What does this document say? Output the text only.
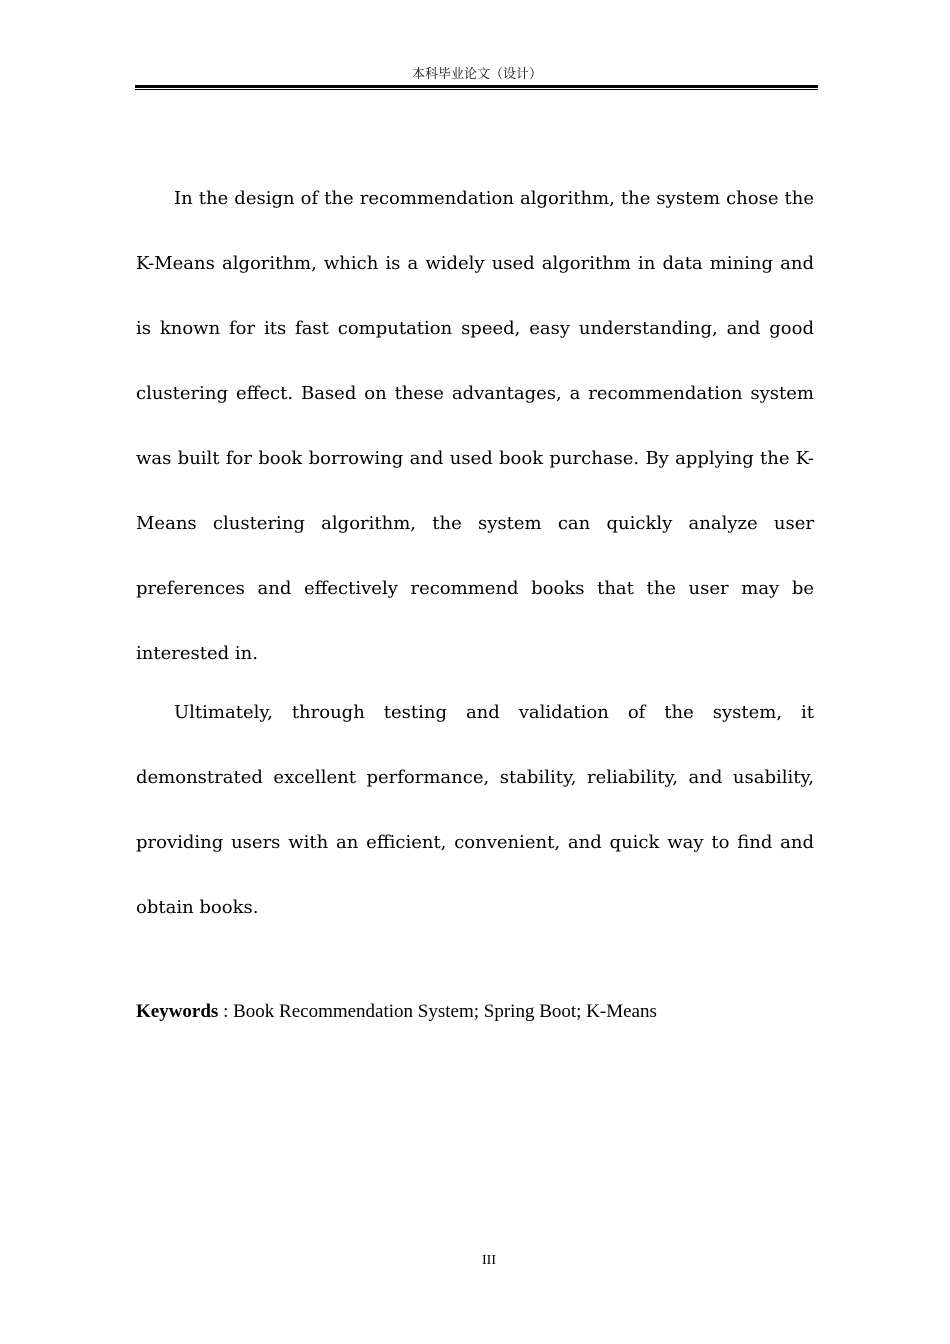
本科毕业论文（设计）

In the design of the recommendation algorithm, the system chose the K-Means algorithm, which is a widely used algorithm in data mining and is known for its fast computation speed, easy understanding, and good clustering effect. Based on these advantages, a recommendation system was built for book borrowing and used book purchase. By applying the K-Means clustering algorithm, the system can quickly analyze user preferences and effectively recommend books that the user may be interested in.

Ultimately, through testing and validation of the system, it demonstrated excellent performance, stability, reliability, and usability, providing users with an efficient, convenient, and quick way to find and obtain books.

Keywords : Book Recommendation System; Spring Boot; K-Means
III
